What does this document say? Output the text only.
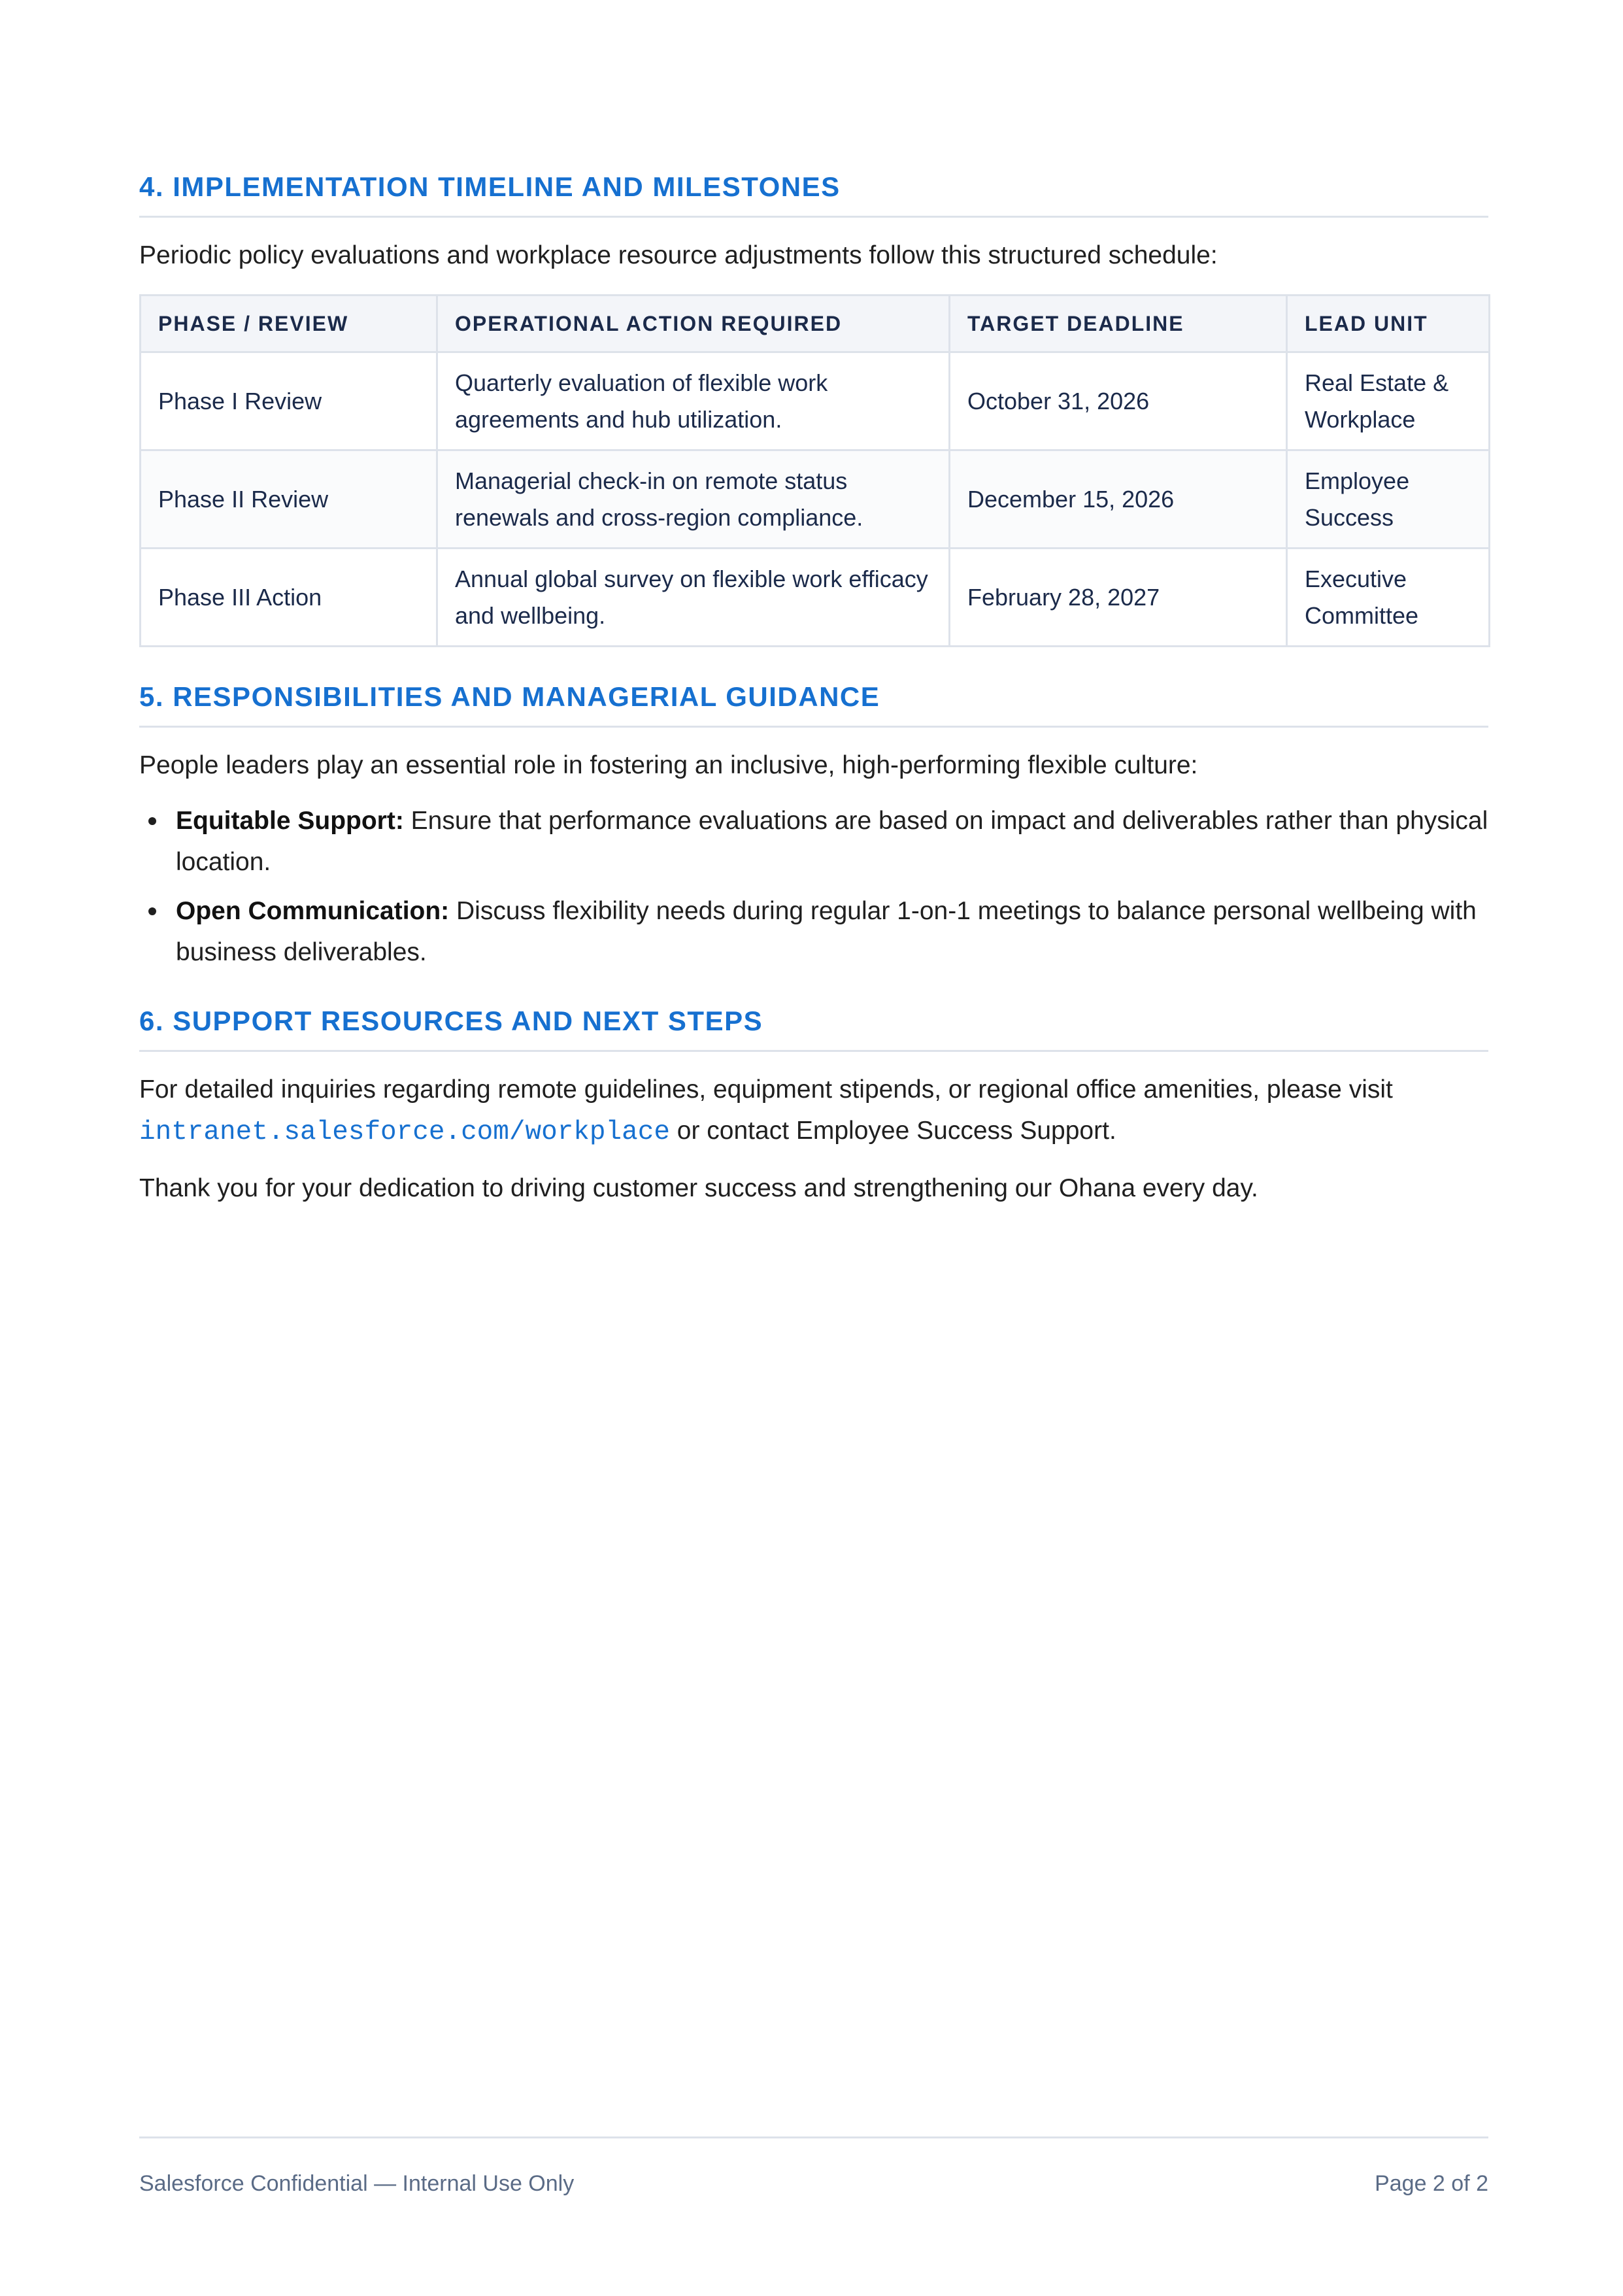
4. IMPLEMENTATION TIMELINE AND MILESTONES

Periodic policy evaluations and workplace resource adjustments follow this structured schedule:

PHASE / REVIEW	OPERATIONAL ACTION REQUIRED	TARGET DEADLINE	LEAD UNIT
Phase I Review	Quarterly evaluation of flexible work agreements and hub utilization.	October 31, 2026	Real Estate & Workplace
Phase II Review	Managerial check-in on remote status renewals and cross-region compliance.	December 15, 2026	Employee Success
Phase III Action	Annual global survey on flexible work efficacy and wellbeing.	February 28, 2027	Executive Committee
5. RESPONSIBILITIES AND MANAGERIAL GUIDANCE

People leaders play an essential role in fostering an inclusive, high-performing flexible culture:

Equitable Support: Ensure that performance evaluations are based on impact and deliverables rather than physical location.
Open Communication: Discuss flexibility needs during regular 1-on-1 meetings to balance personal wellbeing with business deliverables.
6. SUPPORT RESOURCES AND NEXT STEPS

For detailed inquiries regarding remote guidelines, equipment stipends, or regional office amenities, please visit intranet.salesforce.com/workplace or contact Employee Success Support.

Thank you for your dedication to driving customer success and strengthening our Ohana every day.

Salesforce Confidential — Internal Use Only	Page 2 of 2
